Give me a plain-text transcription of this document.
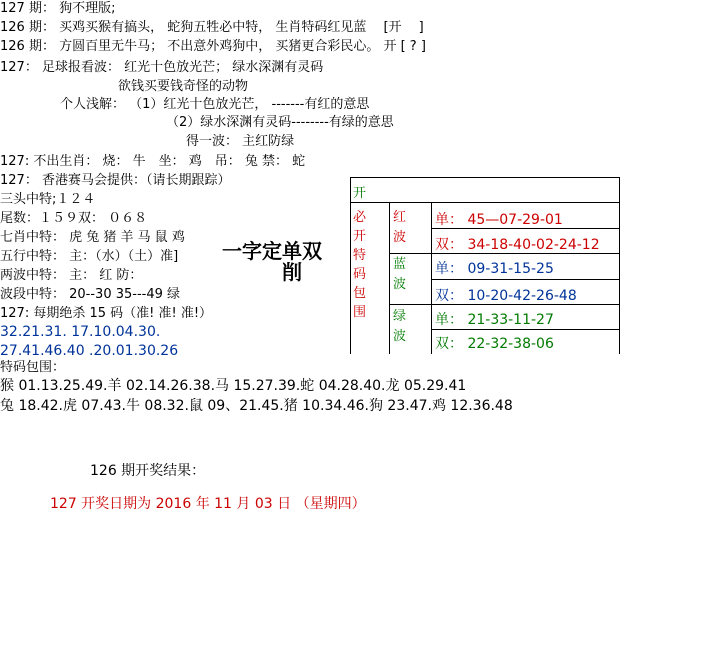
127 期： 狗不理版;
126 期： 买鸡买猴有搞头， 蛇狗五牲必中特， 生肖特码红见蓝　 [开　 ]
126 期： 方圆百里无牛马； 不出意外鸡狗中， 买猪更合彩民心。 开 [ ? ]
127： 足球报看波： 红光十色放光芒； 绿水深渊有灵码
欲钱买要钱奇怪的动物
个人浅解： （1）红光十色放光芒， -------有红的意思
（2）绿水深渊有灵码--------有绿的意思
得一波： 主红防绿
127: 不出生肖： 烧： 牛　坐： 鸡　吊： 兔 禁： 蛇
127： 香港赛马会提供：（请长期跟踪）
三头中特;１２４
尾数：１５９双： ０６８
七肖中特： 虎 兔 猪 羊 马 鼠 鸡
五行中特： 主：（水）（土）准]
两波中特： 主： 红 防：
波段中特： 20--30 35---49 绿
127: 每期绝杀 15 码（准! 准! 准!）
32.21.31. 17.10.04.30.
27.41.46.40 .20.01.30.26
特码包围：
猴 01.13.25.49.羊 02.14.26.38.马 15.27.39.蛇 04.28.40.龙 05.29.41
兔 18.42.虎 07.43.牛 08.32.鼠 09、21.45.猪 10.34.46.狗 23.47.鸡 12.36.48
一字定单双
削
开
必开特码包围
红波
蓝波
绿波
单： 45—07-29-01
双： 34-18-40-02-24-12
单： 09-31-15-25
双： 10-20-42-26-48
单： 21-33-11-27
双： 22-32-38-06
126 期开奖结果：
127 开奖日期为 2016 年 11 月 03 日 （星期四）
